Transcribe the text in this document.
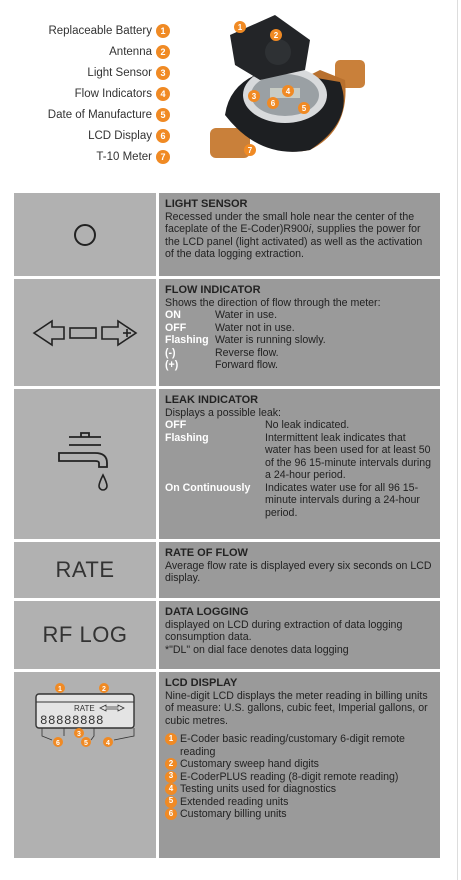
Replaceable Battery 1
Antenna 2
Light Sensor 3
Flow Indicators 4
Date of Manufacture 5
LCD Display 6
T-10 Meter 7
1
2
3
4
5
6
7
LIGHT SENSOR
Recessed under the small hole near the center of the faceplate of the E-Coder)R900i, supplies the power for the LCD panel (light activated) as well as the activation of the data logging extraction.
FLOW INDICATOR
Shows the direction of flow through the meter:
ON	Water in use.
OFF	Water not in use.
Flashing Water is running slowly.
(-)	Reverse flow.
(+)	Forward flow.
LEAK INDICATOR
Displays a possible leak:
OFF	No leak indicated.
Flashing	Intermittent leak indicates that water has been used for at least 50 of the 96 15-minute intervals during a 24-hour period.
On Continuously	Indicates water use for all 96 15-minute intervals during a 24-hour period.
RATE
RATE OF FLOW
Average flow rate is displayed every six seconds on LCD display.
RF LOG
DATA LOGGING
displayed on LCD during extraction of data logging consumption data.
*"DL" on dial face denotes data logging
RATE
88888888
1	2
3
4
5
6
LCD DISPLAY
Nine-digit LCD displays the meter reading in billing units of measure: U.S. gallons, cubic feet, Imperial gallons, or cubic metres.
1 E-Coder basic reading/customary 6-digit remote reading
2 Customary sweep hand digits
3 E-CoderPLUS reading (8-digit remote reading)
4 Testing units used for diagnostics
5 Extended reading units
6 Customary billing units
